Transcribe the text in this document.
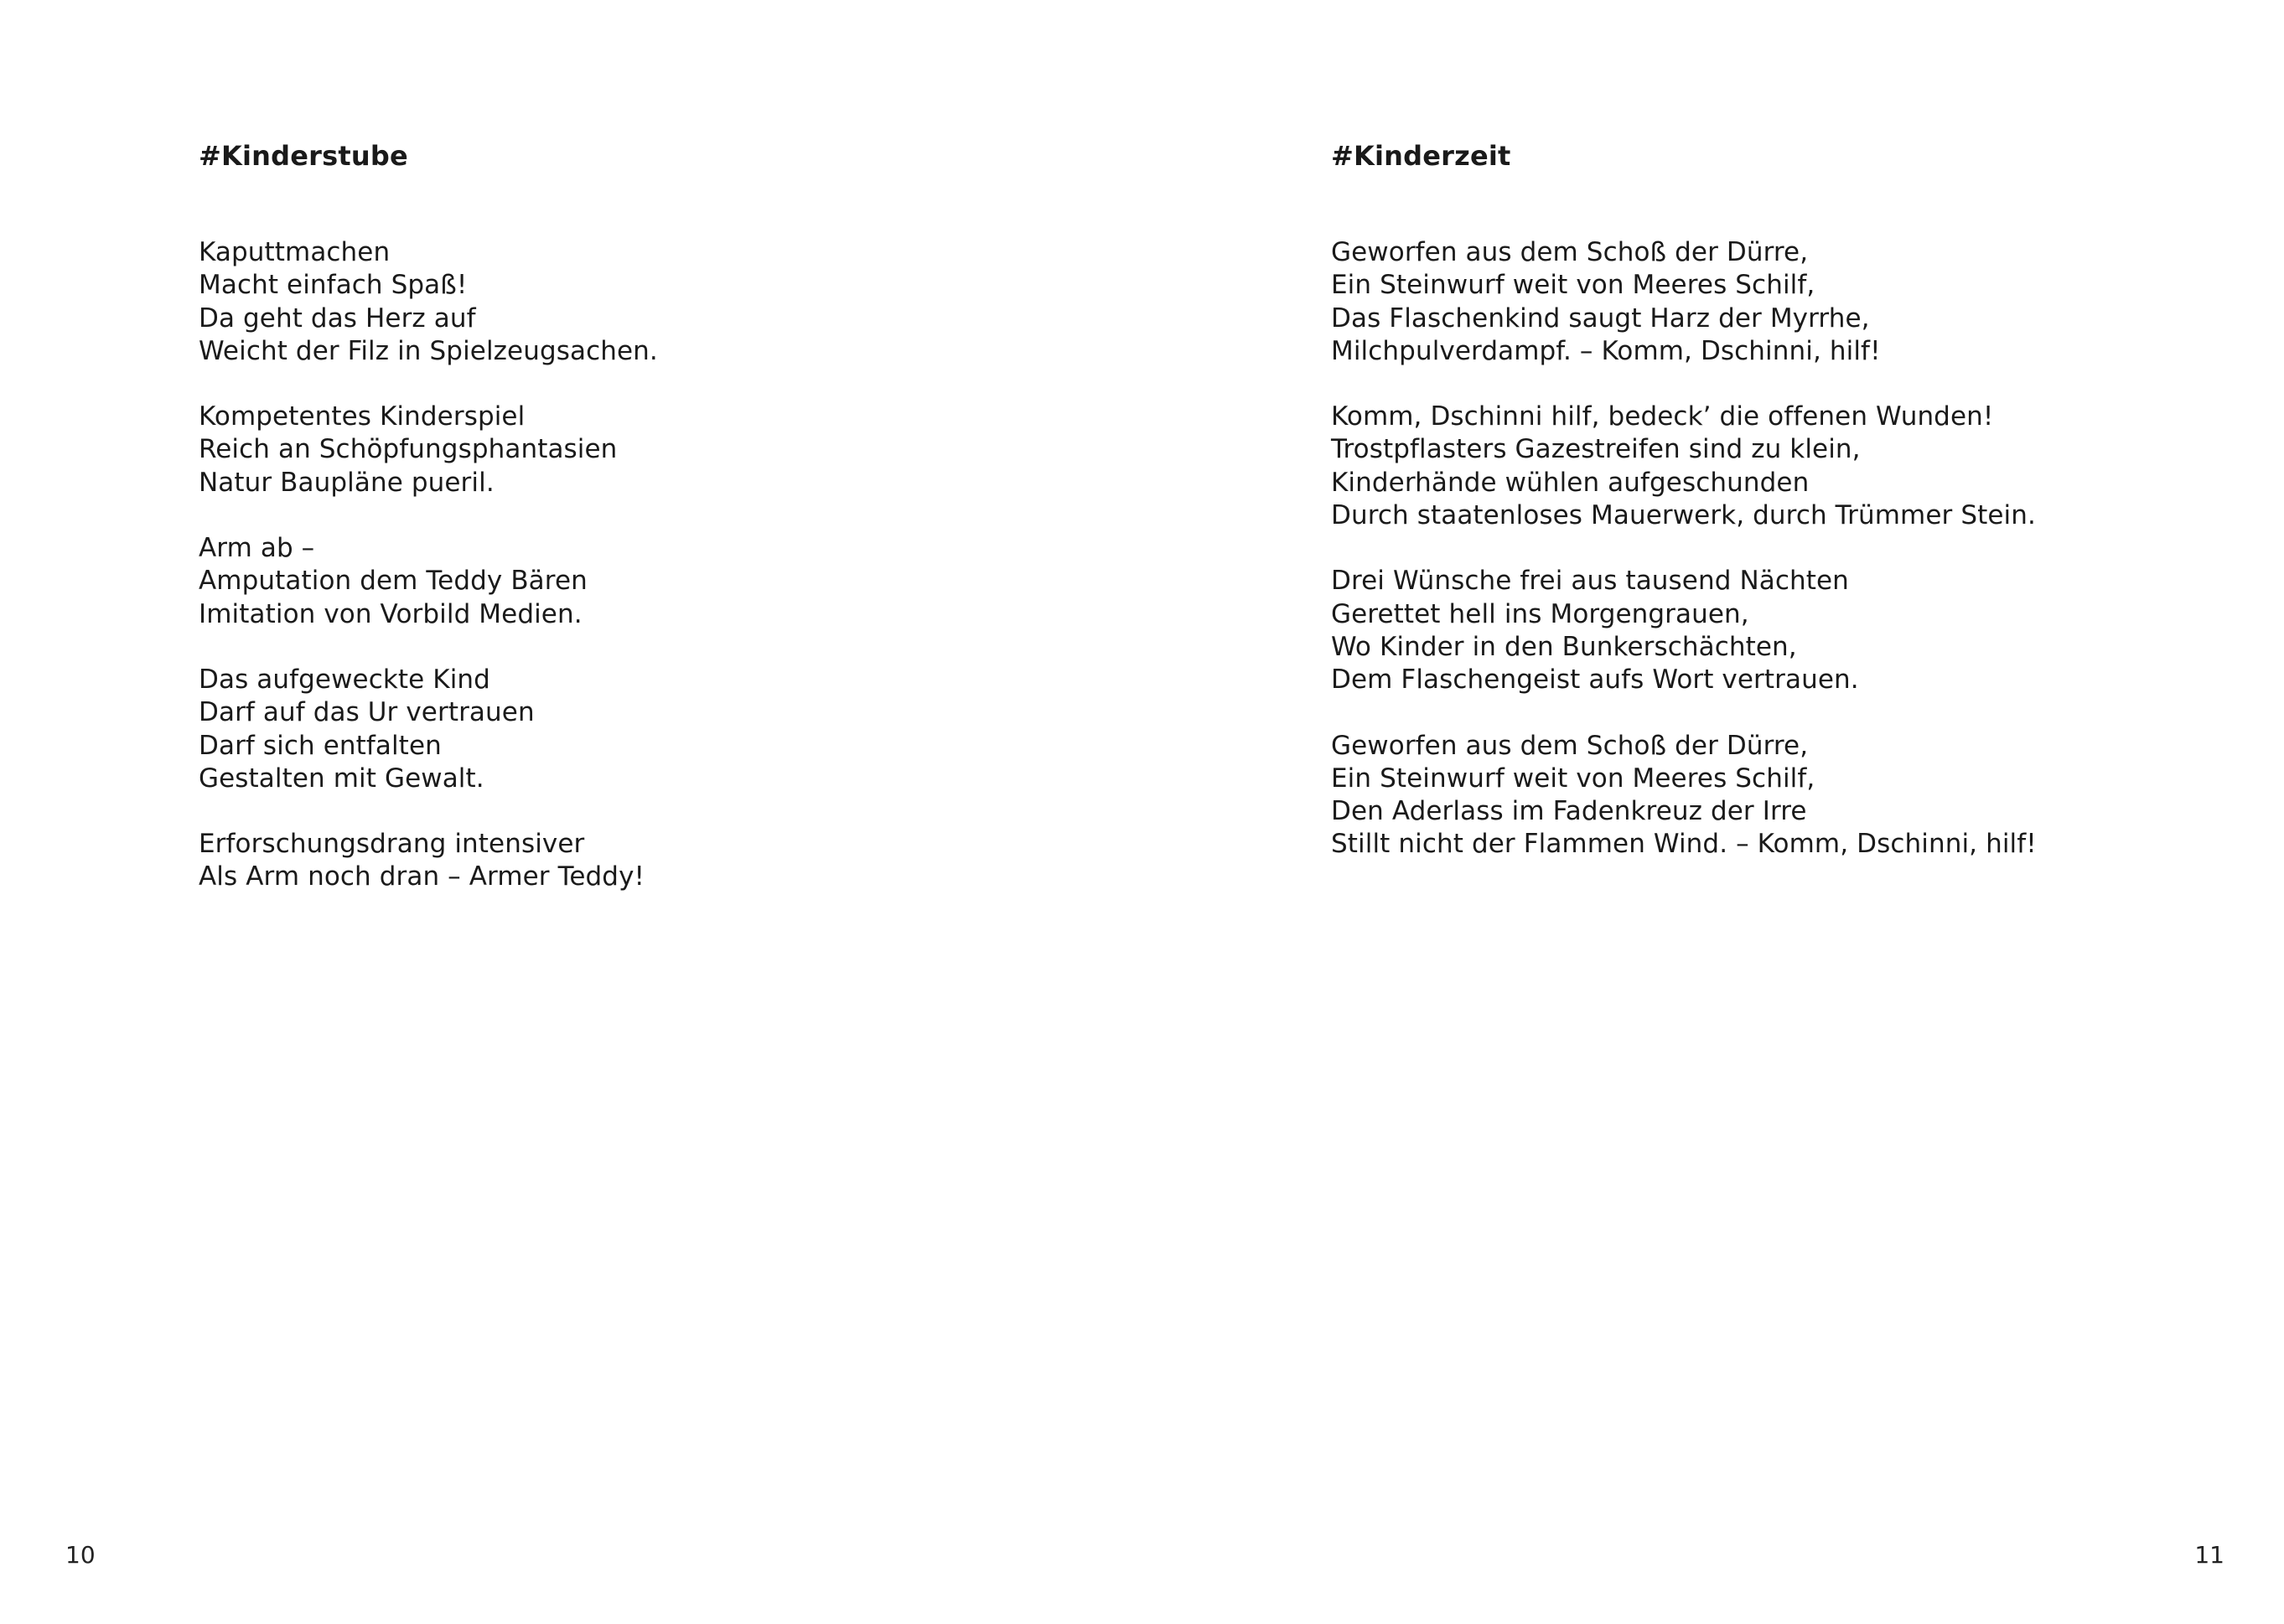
#Kinderstube
Kaputtmachen
Macht einfach Spaß!
Da geht das Herz auf
Weicht der Filz in Spielzeugsachen.
Kompetentes Kinderspiel
Reich an Schöpfungsphantasien
Natur Baupläne pueril.
Arm ab –
Amputation dem Teddy Bären
Imitation von Vorbild Medien.
Das aufgeweckte Kind
Darf auf das Ur vertrauen
Darf sich entfalten
Gestalten mit Gewalt.
Erforschungsdrang intensiver
Als Arm noch dran – Armer Teddy!
10
#Kinderzeit
Geworfen aus dem Schoß der Dürre,
Ein Steinwurf weit von Meeres Schilf,
Das Flaschenkind saugt Harz der Myrrhe,
Milchpulverdampf. – Komm, Dschinni, hilf!
Komm, Dschinni hilf, bedeck’ die offenen Wunden!
Trostpflasters Gazestreifen sind zu klein,
Kinderhände wühlen aufgeschunden
Durch staatenloses Mauerwerk, durch Trümmer Stein.
Drei Wünsche frei aus tausend Nächten
Gerettet hell ins Morgengrauen,
Wo Kinder in den Bunkerschächten,
Dem Flaschengeist aufs Wort vertrauen.
Geworfen aus dem Schoß der Dürre,
Ein Steinwurf weit von Meeres Schilf,
Den Aderlass im Fadenkreuz der Irre
Stillt nicht der Flammen Wind. – Komm, Dschinni, hilf!
11
